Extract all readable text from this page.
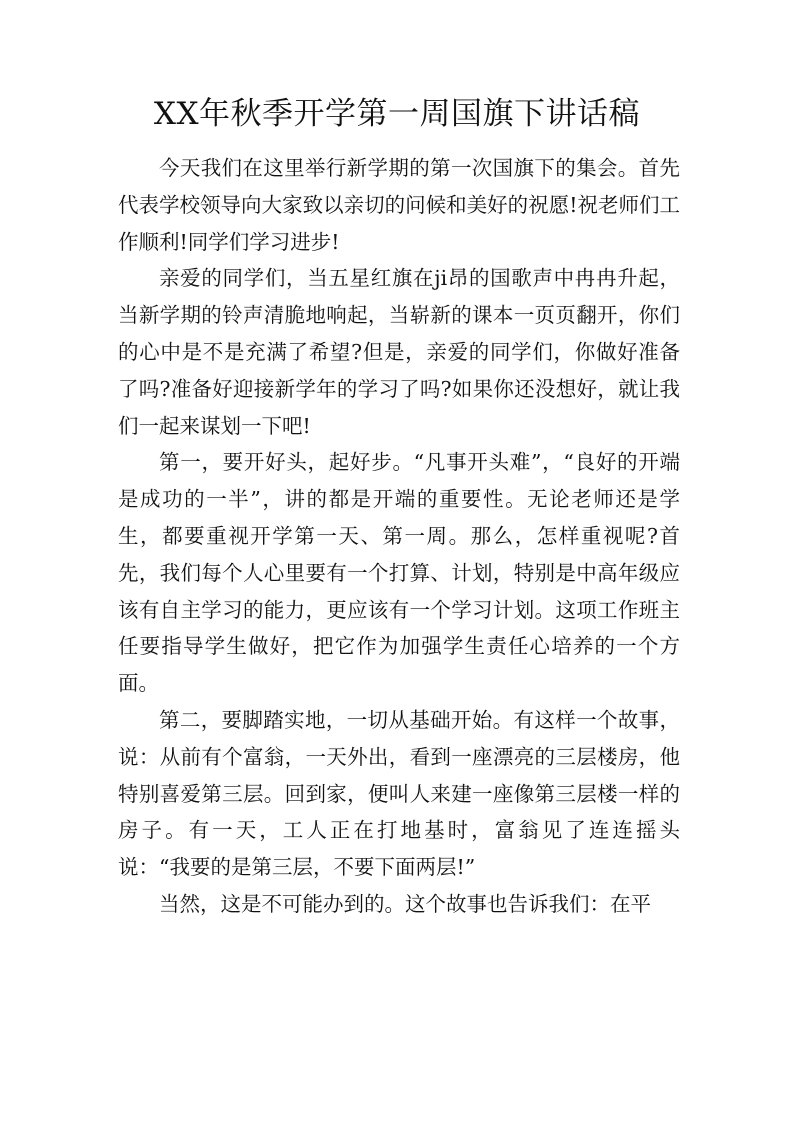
XX年秋季开学第一周国旗下讲话稿

今天我们在这里举行新学期的第一次国旗下的集会。首先代表学校领导向大家致以亲切的问候和美好的祝愿!祝老师们工作顺利!同学们学习进步!

亲爱的同学们，当五星红旗在ji昂的国歌声中冉冉升起，当新学期的铃声清脆地响起，当崭新的课本一页页翻开，你们的心中是不是充满了希望?但是，亲爱的同学们，你做好准备了吗?准备好迎接新学年的学习了吗?如果你还没想好，就让我们一起来谋划一下吧!

第一，要开好头，起好步。“凡事开头难”，“良好的开端是成功的一半”，讲的都是开端的重要性。无论老师还是学生，都要重视开学第一天、第一周。那么，怎样重视呢?首先，我们每个人心里要有一个打算、计划，特别是中高年级应该有自主学习的能力，更应该有一个学习计划。这项工作班主任要指导学生做好，把它作为加强学生责任心培养的一个方面。

第二，要脚踏实地，一切从基础开始。有这样一个故事，说：从前有个富翁，一天外出，看到一座漂亮的三层楼房，他特别喜爱第三层。回到家，便叫人来建一座像第三层楼一样的房子。有一天，工人正在打地基时，富翁见了连连摇头说：“我要的是第三层，不要下面两层!”

当然，这是不可能办到的。这个故事也告诉我们：在平
